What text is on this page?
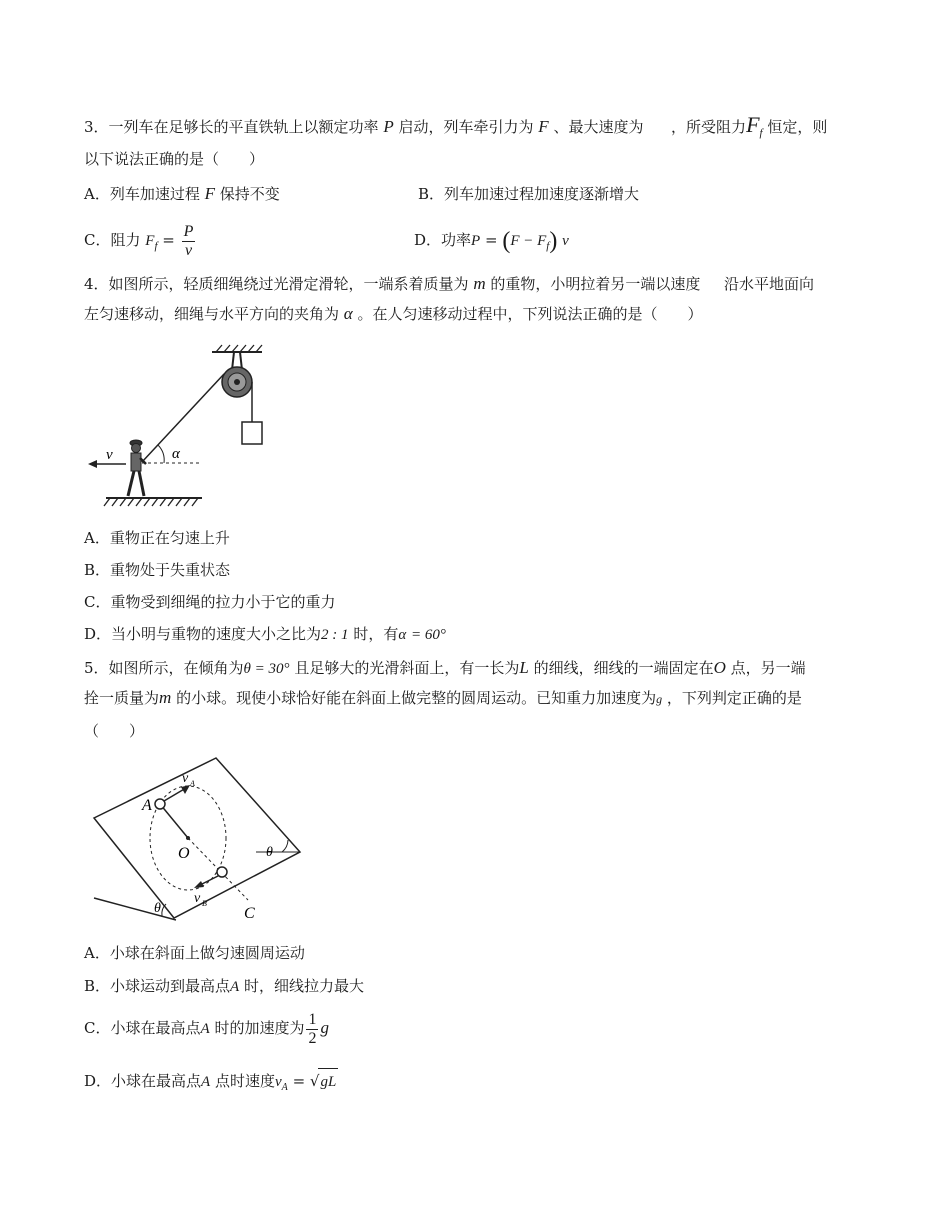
3．一列车在足够长的平直铁轨上以额定功率 P 启动，列车牵引力为 F 、最大速度为 ，所受阻力$F_f$ 恒定，则
以下说法正确的是（　　）
A．列车加速过程 F 保持不变	B．列车加速过程加速度逐渐增大
C．阻力 $F_f = \frac{P}{v}$	D．功率$P = (F - F_f)$ v
4．如图所示，轻质细绳绕过光滑定滑轮，一端系着质量为 m 的重物，小明拉着另一端以速度 沿水平地面向
左匀速移动，细绳与水平方向的夹角为 α 。在人匀速移动过程中，下列说法正确的是（　　）
α
v
A．重物正在匀速上升
B．重物处于失重状态
C．重物受到细绳的拉力小于它的重力
D．当小明与重物的速度大小之比为2 : 1 时，有α = 60°
5．如图所示，在倾角为θ = 30° 且足够大的光滑斜面上，有一长为L 的细线，细线的一端固定在O 点，另一端
拴一质量为m 的小球。现使小球恰好能在斜面上做完整的圆周运动。已知重力加速度为g ，下列判定正确的是
（　　）
θ
θ
A
v A
O
v B
C
A．小球在斜面上做匀速圆周运动
B．小球运动到最高点A 时，细线拉力最大
C．小球在最高点A 时的加速度为 $\frac{1}{2}$ g
D．小球在最高点A 点时速度$v_A = √gL$
